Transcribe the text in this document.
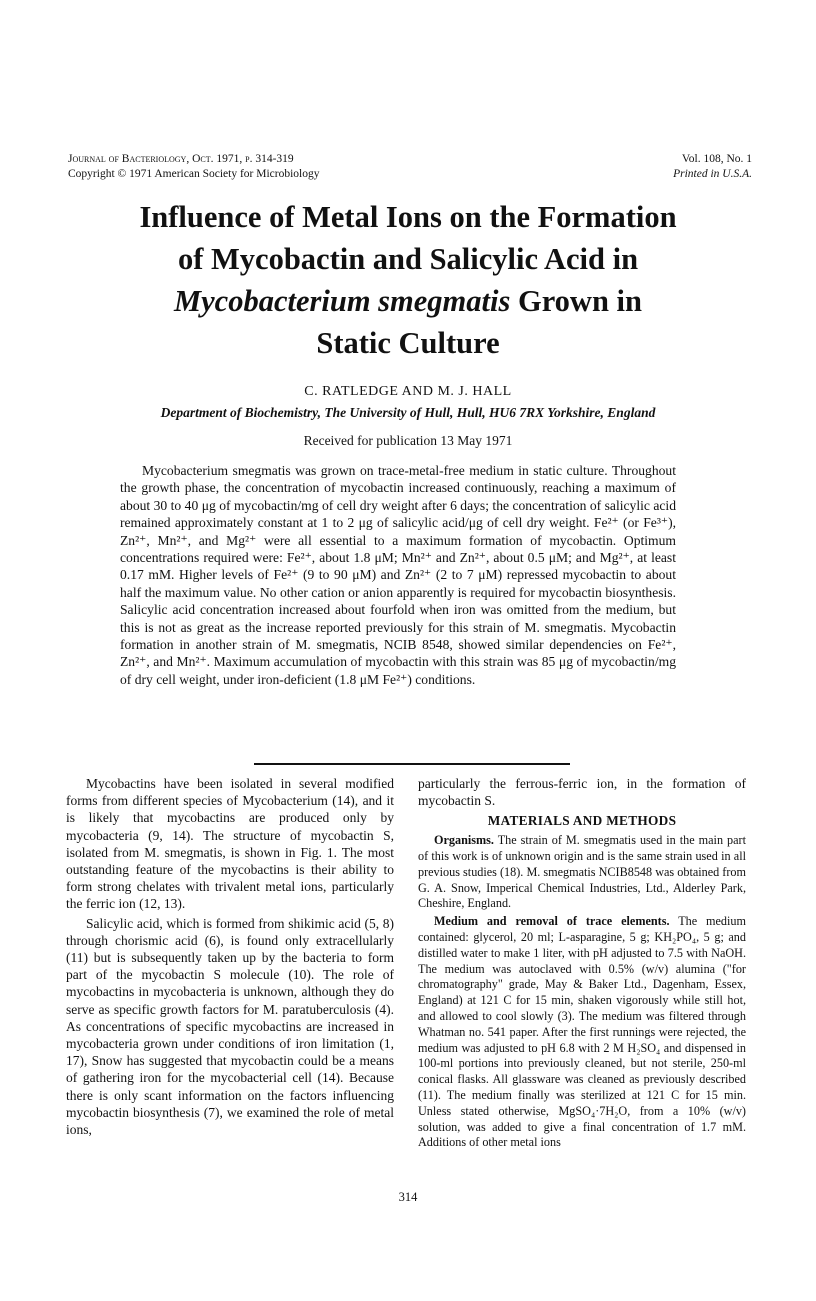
Journal of Bacteriology, Oct. 1971, p. 314-319
Copyright © 1971 American Society for Microbiology
Vol. 108, No. 1
Printed in U.S.A.
Influence of Metal Ions on the Formation
of Mycobactin and Salicylic Acid in
Mycobacterium smegmatis Grown in
Static Culture
C. RATLEDGE AND M. J. HALL
Department of Biochemistry, The University of Hull, Hull, HU6 7RX Yorkshire, England
Received for publication 13 May 1971
Mycobacterium smegmatis was grown on trace-metal-free medium in static culture. Throughout the growth phase, the concentration of mycobactin increased continuously, reaching a maximum of about 30 to 40 μg of mycobactin/mg of cell dry weight after 6 days; the concentration of salicylic acid remained approximately constant at 1 to 2 μg of salicylic acid/μg of cell dry weight. Fe²⁺ (or Fe³⁺), Zn²⁺, Mn²⁺, and Mg²⁺ were all essential to a maximum formation of mycobactin. Optimum concentrations required were: Fe²⁺, about 1.8 μM; Mn²⁺ and Zn²⁺, about 0.5 μM; and Mg²⁺, at least 0.17 mM. Higher levels of Fe²⁺ (9 to 90 μM) and Zn²⁺ (2 to 7 μM) repressed mycobactin to about half the maximum value. No other cation or anion apparently is required for mycobactin biosynthesis. Salicylic acid concentration increased about fourfold when iron was omitted from the medium, but this is not as great as the increase reported previously for this strain of M. smegmatis. Mycobactin formation in another strain of M. smegmatis, NCIB 8548, showed similar dependencies on Fe²⁺, Zn²⁺, and Mn²⁺. Maximum accumulation of mycobactin with this strain was 85 μg of mycobactin/mg of dry cell weight, under iron-deficient (1.8 μM Fe²⁺) conditions.

Mycobactins have been isolated in several modified forms from different species of Mycobacterium (14), and it is likely that mycobactins are produced only by mycobacteria (9, 14). The structure of mycobactin S, isolated from M. smegmatis, is shown in Fig. 1. The most outstanding feature of the mycobactins is their ability to form strong chelates with trivalent metal ions, particularly the ferric ion (12, 13).

Salicylic acid, which is formed from shikimic acid (5, 8) through chorismic acid (6), is found only extracellularly (11) but is subsequently taken up by the bacteria to form part of the mycobactin S molecule (10). The role of mycobactins in mycobacteria is unknown, although they do serve as specific growth factors for M. paratuberculosis (4). As concentrations of specific mycobactins are increased in mycobacteria grown under conditions of iron limitation (1, 17), Snow has suggested that mycobactin could be a means of gathering iron for the mycobacterial cell (14). Because there is only scant information on the factors influencing mycobactin biosynthesis (7), we examined the role of metal ions,

particularly the ferrous-ferric ion, in the formation of mycobactin S.

MATERIALS AND METHODS

Organisms. The strain of M. smegmatis used in the main part of this work is of unknown origin and is the same strain used in all previous studies (18). M. smegmatis NCIB8548 was obtained from G. A. Snow, Imperical Chemical Industries, Ltd., Alderley Park, Cheshire, England.

Medium and removal of trace elements. The medium contained: glycerol, 20 ml; L-asparagine, 5 g; KH₂PO₄, 5 g; and distilled water to make 1 liter, with pH adjusted to 7.5 with NaOH. The medium was autoclaved with 0.5% (w/v) alumina ("for chromatography" grade, May & Baker Ltd., Dagenham, Essex, England) at 121 C for 15 min, shaken vigorously while still hot, and allowed to cool slowly (3). The medium was filtered through Whatman no. 541 paper. After the first runnings were rejected, the medium was adjusted to pH 6.8 with 2 M H₂SO₄ and dispensed in 100-ml portions into previously cleaned, but not sterile, 250-ml conical flasks. All glassware was cleaned as previously described (11). The medium finally was sterilized at 121 C for 15 min. Unless stated otherwise, MgSO₄·7H₂O, from a 10% (w/v) solution, was added to give a final concentration of 1.7 mM. Additions of other metal ions

314
